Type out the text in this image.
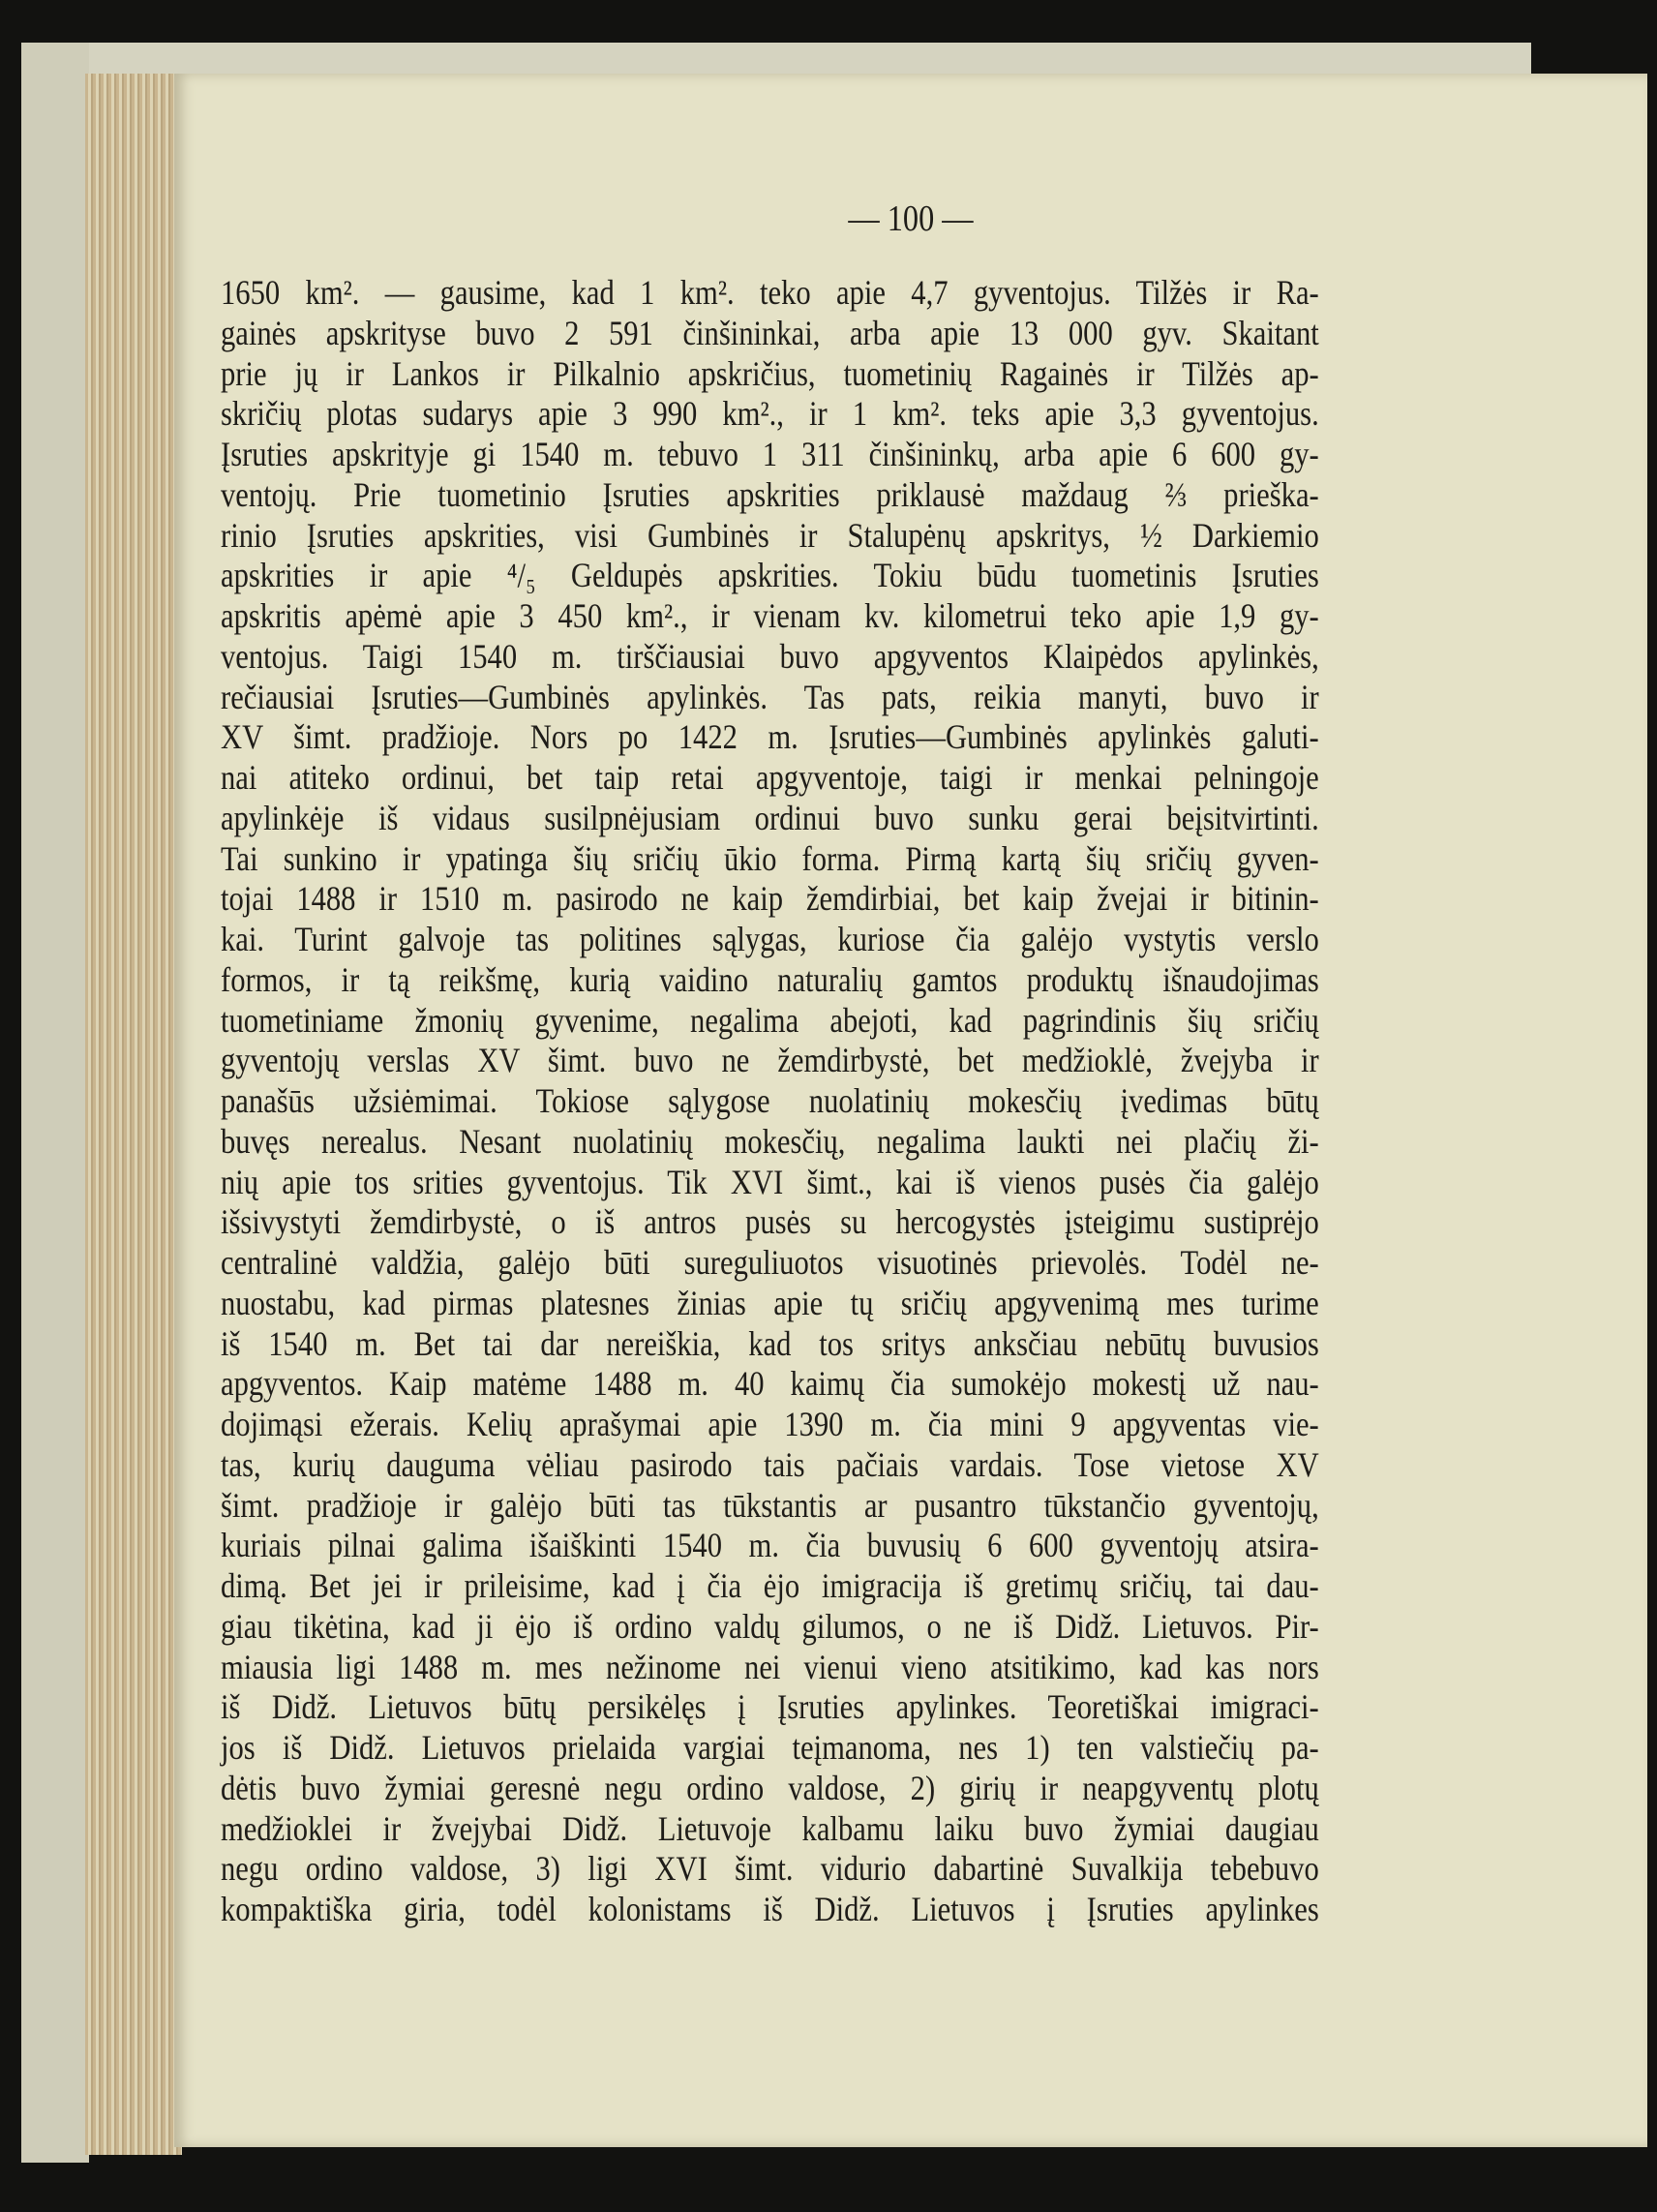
— 100 —
1650 km². — gausime, kad 1 km². teko apie 4,7 gyventojus. Tilžės ir Ra-
gainės apskrityse buvo 2 591 činšininkai, arba apie 13 000 gyv. Skaitant
prie jų ir Lankos ir Pilkalnio apskričius, tuometinių Ragainės ir Tilžės ap-
skričių plotas sudarys apie 3 990 km²., ir 1 km². teks apie 3,3 gyventojus.
Įsruties apskrityje gi 1540 m. tebuvo 1 311 činšininkų, arba apie 6 600 gy-
ventojų. Prie tuometinio Įsruties apskrities priklausė maždaug ⅔ prieška-
rinio Įsruties apskrities, visi Gumbinės ir Stalupėnų apskritys, ½ Darkiemio
apskrities ir apie ⁴/₅ Geldupės apskrities. Tokiu būdu tuometinis Įsruties
apskritis apėmė apie 3 450 km²., ir vienam kv. kilometrui teko apie 1,9 gy-
ventojus. Taigi 1540 m. tirščiausiai buvo apgyventos Klaipėdos apylinkės,
rečiausiai Įsruties—Gumbinės apylinkės. Tas pats, reikia manyti, buvo ir
XV šimt. pradžioje. Nors po 1422 m. Įsruties—Gumbinės apylinkės galuti-
nai atiteko ordinui, bet taip retai apgyventoje, taigi ir menkai pelningoje
apylinkėje iš vidaus susilpnėjusiam ordinui buvo sunku gerai beįsitvirtinti.
Tai sunkino ir ypatinga šių sričių ūkio forma. Pirmą kartą šių sričių gyven-
tojai 1488 ir 1510 m. pasirodo ne kaip žemdirbiai, bet kaip žvejai ir bitinin-
kai. Turint galvoje tas politines sąlygas, kuriose čia galėjo vystytis verslo
formos, ir tą reikšmę, kurią vaidino naturalių gamtos produktų išnaudojimas
tuometiniame žmonių gyvenime, negalima abejoti, kad pagrindinis šių sričių
gyventojų verslas XV šimt. buvo ne žemdirbystė, bet medžioklė, žvejyba ir
panašūs užsiėmimai. Tokiose sąlygose nuolatinių mokesčių įvedimas būtų
buvęs nerealus. Nesant nuolatinių mokesčių, negalima laukti nei plačių ži-
nių apie tos srities gyventojus. Tik XVI šimt., kai iš vienos pusės čia galėjo
išsivystyti žemdirbystė, o iš antros pusės su hercogystės įsteigimu sustiprėjo
centralinė valdžia, galėjo būti sureguliuotos visuotinės prievolės. Todėl ne-
nuostabu, kad pirmas platesnes žinias apie tų sričių apgyvenimą mes turime
iš 1540 m. Bet tai dar nereiškia, kad tos sritys anksčiau nebūtų buvusios
apgyventos. Kaip matėme 1488 m. 40 kaimų čia sumokėjo mokestį už nau-
dojimąsi ežerais. Kelių aprašymai apie 1390 m. čia mini 9 apgyventas vie-
tas, kurių dauguma vėliau pasirodo tais pačiais vardais. Tose vietose XV
šimt. pradžioje ir galėjo būti tas tūkstantis ar pusantro tūkstančio gyventojų,
kuriais pilnai galima išaiškinti 1540 m. čia buvusių 6 600 gyventojų atsira-
dimą. Bet jei ir prileisime, kad į čia ėjo imigracija iš gretimų sričių, tai dau-
giau tikėtina, kad ji ėjo iš ordino valdų gilumos, o ne iš Didž. Lietuvos. Pir-
miausia ligi 1488 m. mes nežinome nei vienui vieno atsitikimo, kad kas nors
iš Didž. Lietuvos būtų persikėlęs į Įsruties apylinkes. Teoretiškai imigraci-
jos iš Didž. Lietuvos prielaida vargiai teįmanoma, nes 1) ten valstiečių pa-
dėtis buvo žymiai geresnė negu ordino valdose, 2) girių ir neapgyventų plotų
medžioklei ir žvejybai Didž. Lietuvoje kalbamu laiku buvo žymiai daugiau
negu ordino valdose, 3) ligi XVI šimt. vidurio dabartinė Suvalkija tebebuvo
kompaktiška giria, todėl kolonistams iš Didž. Lietuvos į Įsruties apylinkes
